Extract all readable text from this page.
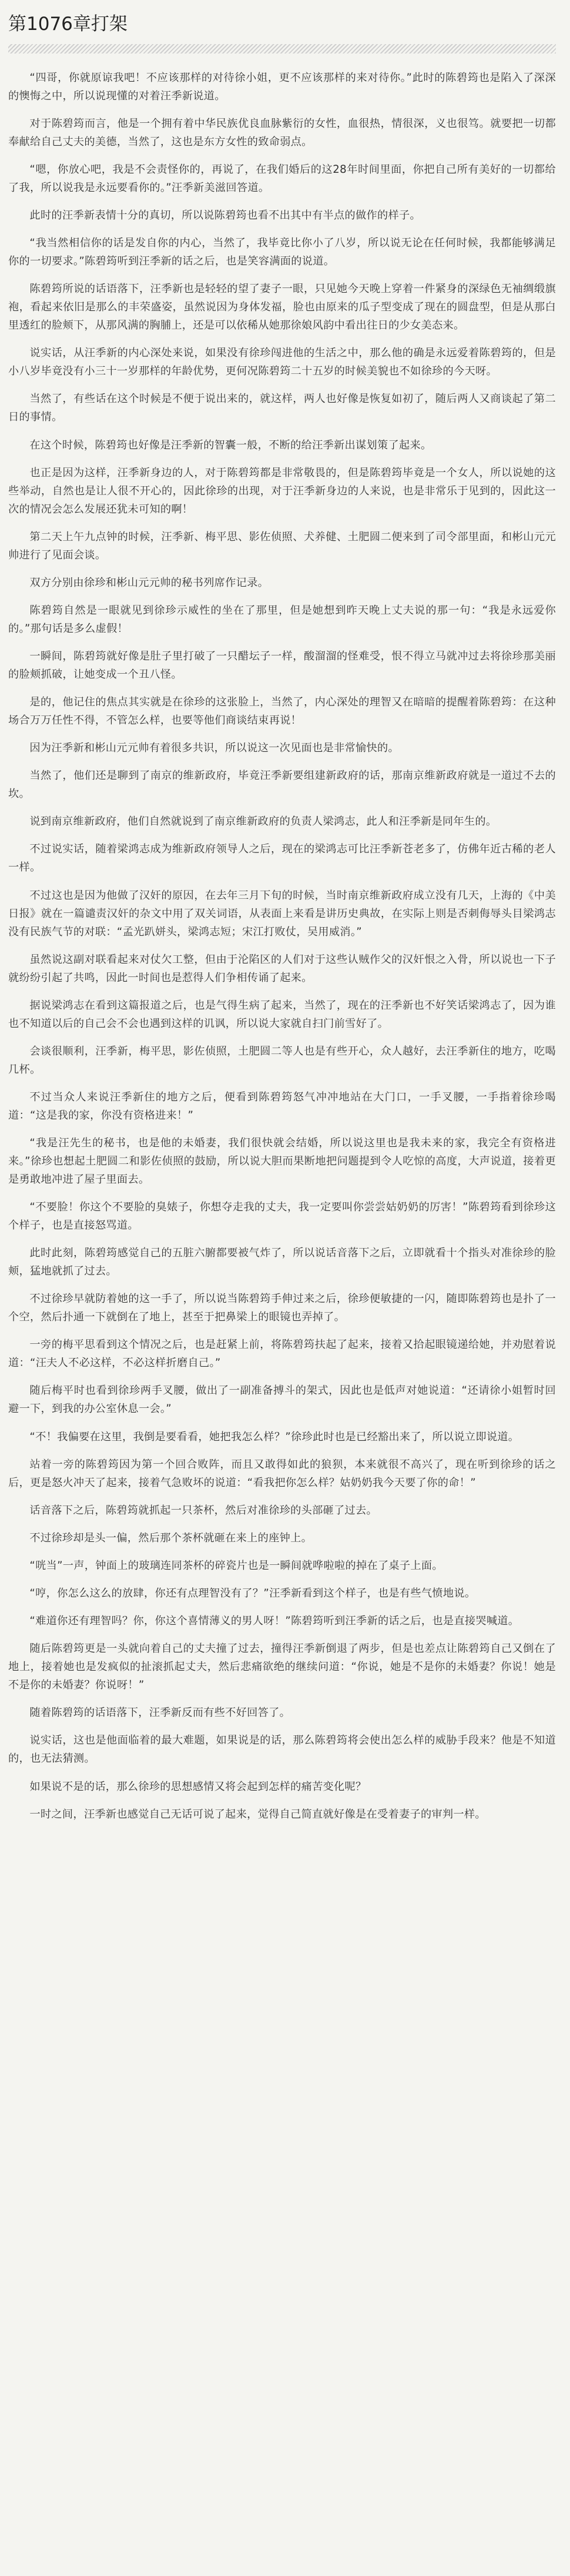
第1076章打架

“四哥，你就原谅我吧！不应该那样的对待徐小姐，更不应该那样的来对待你。”此时的陈碧筠也是陷入了深深的懊悔之中，所以说现懂的对着汪季新说道。

对于陈碧筠而言，他是一个拥有着中华民族优良血脉紫衍的女性，血很热，情很深，义也很笃。就要把一切都奉献给自己丈夫的美德，当然了，这也是东方女性的致命弱点。

“嗯，你放心吧，我是不会责怪你的，再说了，在我们婚后的这28年时间里面，你把自己所有美好的一切都给了我，所以说我是永远要看你的。”汪季新美滋回答道。

此时的汪季新表情十分的真切，所以说陈碧筠也看不出其中有半点的做作的样子。

“我当然相信你的话是发自你的内心，当然了，我毕竟比你小了八岁，所以说无论在任何时候，我都能够满足你的一切要求。”陈碧筠听到汪季新的话之后，也是笑容满面的说道。

陈碧筠所说的话语落下，汪季新也是轻轻的望了妻子一眼，只见她今天晚上穿着一件紧身的深绿色无袖绸缎旗袍，看起来依旧是那么的丰荣盛姿，虽然说因为身体发福，脸也由原来的瓜子型变成了现在的圆盘型，但是从那白里透红的脸颊下，从那风满的胸脯上，还是可以依稀从她那徐娘风韵中看出往日的少女美态来。

说实话，从汪季新的内心深处来说，如果没有徐珍闯进他的生活之中，那么他的确是永远爱着陈碧筠的，但是小八岁毕竟没有小三十一岁那样的年龄优势，更何况陈碧筠二十五岁的时候美貌也不如徐珍的今天呀。

当然了，有些话在这个时候是不便于说出来的，就这样，两人也好像是恢复如初了，随后两人又商谈起了第二日的事情。

在这个时候，陈碧筠也好像是汪季新的智囊一般，不断的给汪季新出谋划策了起来。

也正是因为这样，汪季新身边的人，对于陈碧筠都是非常敬畏的，但是陈碧筠毕竟是一个女人，所以说她的这些举动，自然也是让人很不开心的，因此徐珍的出现，对于汪季新身边的人来说，也是非常乐于见到的，因此这一次的情况会怎么发展还犹未可知的啊！

第二天上午九点钟的时候，汪季新、梅平思、影佐侦照、犬养健、土肥圆二便来到了司令部里面，和彬山元元帅进行了见面会谈。

双方分别由徐珍和彬山元元帅的秘书列席作记录。

陈碧筠自然是一眼就见到徐珍示威性的坐在了那里，但是她想到昨天晚上丈夫说的那一句：“我是永远爱你的。”那句话是多么虚假！

一瞬间，陈碧筠就好像是肚子里打破了一只醋坛子一样，酸溜溜的怪难受，恨不得立马就冲过去将徐珍那美丽的脸颊抓破，让她变成一个丑八怪。

是的，他记住的焦点其实就是在徐珍的这张脸上，当然了，内心深处的理智又在暗暗的提醒着陈碧筠：在这种场合万万任性不得，不管怎么样，也要等他们商谈结束再说！

因为汪季新和彬山元元帅有着很多共识，所以说这一次见面也是非常愉快的。

当然了，他们还是聊到了南京的维新政府，毕竟汪季新要组建新政府的话，那南京维新政府就是一道过不去的坎。

说到南京维新政府，他们自然就说到了南京维新政府的负责人梁鸿志，此人和汪季新是同年生的。

不过说实话，随着梁鸿志成为维新政府领导人之后，现在的梁鸿志可比汪季新苍老多了，仿佛年近古稀的老人一样。

不过这也是因为他做了汉奸的原因，在去年三月下旬的时候，当时南京维新政府成立没有几天，上海的《中美日报》就在一篇谴责汉奸的杂文中用了双关词语，从表面上来看是讲历史典故，在实际上则是否刺侮辱头目梁鸿志没有民族气节的对联：“孟光趴姘头，梁鸿志短；宋江打败仗，吴用威消。”

虽然说这副对联看起来对仗欠工整，但由于沦陷区的人们对于这些认贼作父的汉奸恨之入骨，所以说也一下子就纷纷引起了共鸣，因此一时间也是惹得人们争相传诵了起来。

据说梁鸿志在看到这篇报道之后，也是气得生病了起来，当然了，现在的汪季新也不好笑话梁鸿志了，因为谁也不知道以后的自己会不会也遇到这样的讥讽，所以说大家就自扫门前雪好了。

会谈很顺利，汪季新，梅平思，影佐侦照，土肥圆二等人也是有些开心，众人越好，去汪季新住的地方，吃喝几杯。

不过当众人来说汪季新住的地方之后，便看到陈碧筠怒气冲冲地站在大门口，一手叉腰，一手指着徐珍喝道：“这是我的家，你没有资格进来！”

“我是汪先生的秘书，也是他的未婚妻，我们很快就会结婚，所以说这里也是我未来的家，我完全有资格进来。”徐珍也想起土肥圆二和影佐侦照的鼓励，所以说大胆而果断地把问题提到令人吃惊的高度，大声说道，接着更是勇敢地冲进了屋子里面去。

“不要脸！你这个不要脸的臭婊子，你想夺走我的丈夫，我一定要叫你尝尝姑奶奶的厉害！”陈碧筠看到徐珍这个样子，也是直接怒骂道。

此时此刻，陈碧筠感觉自己的五脏六腑都要被气炸了，所以说话音落下之后，立即就看十个指头对准徐珍的脸颊，猛地就抓了过去。

不过徐珍早就防着她的这一手了，所以说当陈碧筠手伸过来之后，徐珍便敏捷的一闪，随即陈碧筠也是扑了一个空，然后扑通一下就倒在了地上，甚至于把鼻梁上的眼镜也弄掉了。

一旁的梅平思看到这个情况之后，也是赶紧上前，将陈碧筠扶起了起来，接着又拾起眼镜递给她，并劝慰着说道：“汪夫人不必这样，不必这样折磨自己。”

随后梅平时也看到徐珍两手叉腰，做出了一副准备搏斗的架式，因此也是低声对她说道：“还请徐小姐暂时回避一下，到我的办公室休息一会。”

“不！我偏要在这里，我倒是要看看，她把我怎么样？”徐珍此时也是已经豁出来了，所以说立即说道。

站着一旁的陈碧筠因为第一个回合败阵，而且又敢得如此的狼狈，本来就很不高兴了，现在听到徐珍的话之后，更是怒火冲天了起来，接着气急败坏的说道：“看我把你怎么样？姑奶奶我今天要了你的命！”

话音落下之后，陈碧筠就抓起一只茶杯，然后对准徐珍的头部砸了过去。

不过徐珍却是头一偏，然后那个茶杯就砸在来上的座钟上。

“咣当”一声，钟面上的玻璃连同茶杯的碎瓷片也是一瞬间就哗啦啦的掉在了桌子上面。

“哼，你怎么这么的放肆，你还有点理智没有了？”汪季新看到这个样子，也是有些气愤地说。

“难道你还有理智吗？你，你这个喜情薄义的男人呀！”陈碧筠听到汪季新的话之后，也是直接哭喊道。

随后陈碧筠更是一头就向着自己的丈夫撞了过去，撞得汪季新倒退了两步，但是也差点让陈碧筠自己又倒在了地上，接着她也是发疯似的扯滚抓起丈夫，然后悲痛欲绝的继续问道：“你说，她是不是你的未婚妻？你说！她是不是你的未婚妻？你说呀！”

随着陈碧筠的话语落下，汪季新反而有些不好回答了。

说实话，这也是他面临着的最大难题，如果说是的话，那么陈碧筠将会使出怎么样的威胁手段来？他是不知道的，也无法猜测。

如果说不是的话，那么徐珍的思想感情又将会起到怎样的痛苦变化呢？

一时之间，汪季新也感觉自己无话可说了起来，觉得自己简直就好像是在受着妻子的审判一样。
